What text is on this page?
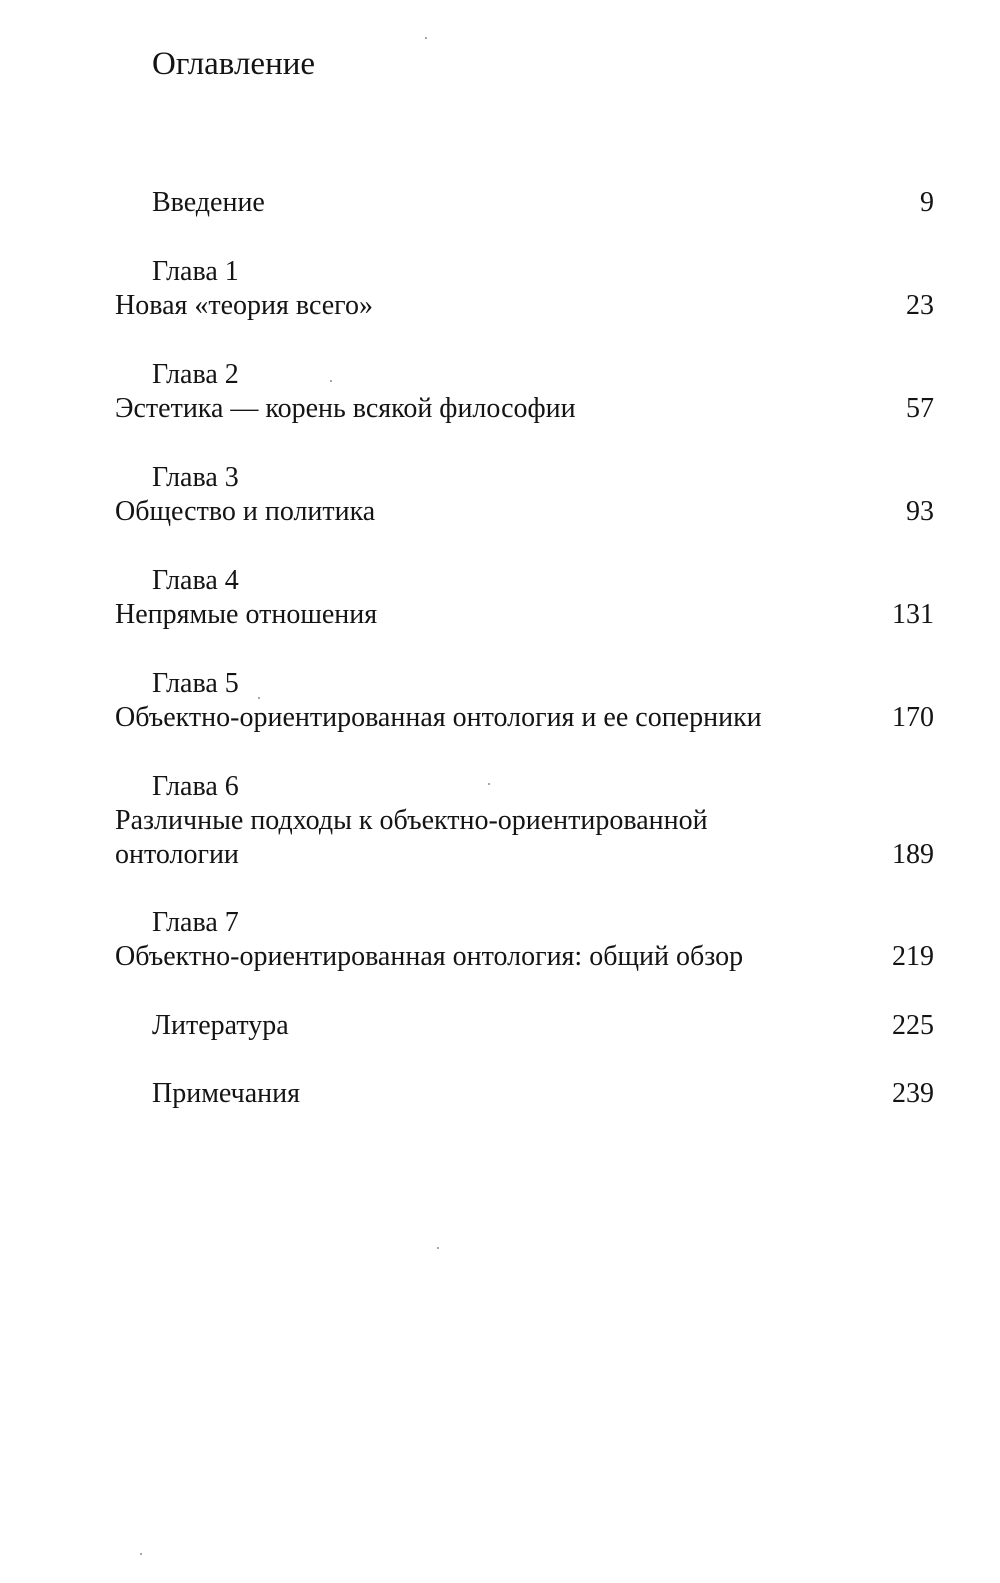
Оглавление
Введение	9
Глава 1
Новая «теория всего»	23
Глава 2
Эстетика — корень всякой философии	57
Глава 3
Общество и политика	93
Глава 4
Непрямые отношения	131
Глава 5
Объектно-ориентированная онтология и ее соперники	170
Глава 6
Различные подходы к объектно-ориентированной
онтологии	189
Глава 7
Объектно-ориентированная онтология: общий обзор	219
Литература	225
Примечания	239
